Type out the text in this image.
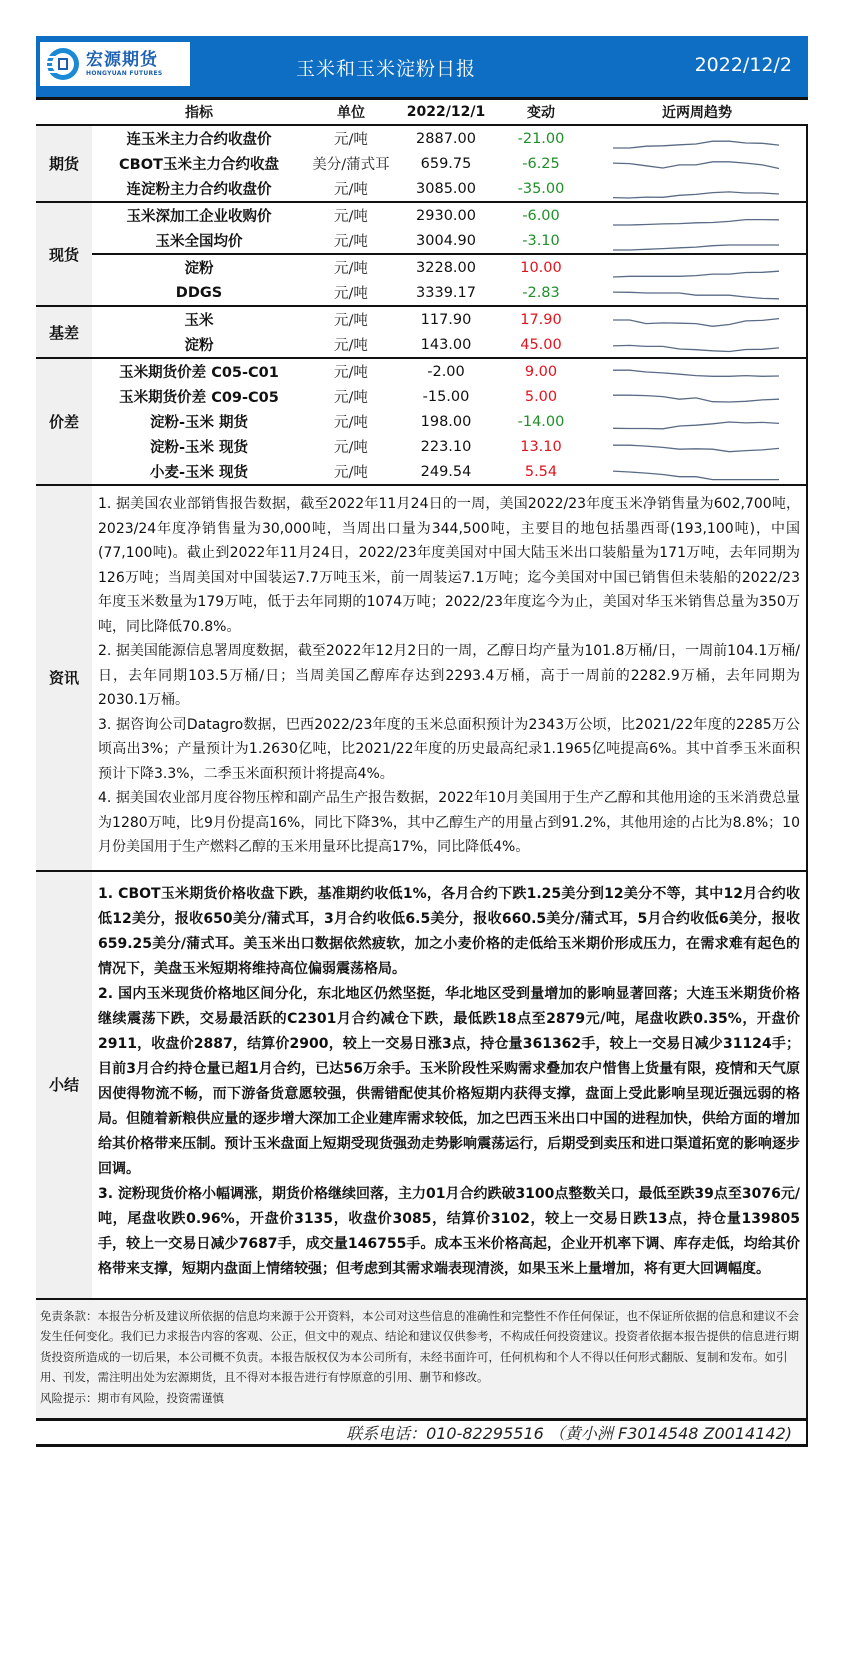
宏源期货
HONGYUAN FUTURES	玉米和玉米淀粉日报	2022/12/2
指标	单位	2022/12/1	变动	近两周趋势
期货
连玉米主力合约收盘价	元/吨	2887.00	-21.00
CBOT玉米主力合约收盘	美分/蒲式耳	659.75	-6.25
连淀粉主力合约收盘价	元/吨	3085.00	-35.00
现货
玉米深加工企业收购价	元/吨	2930.00	-6.00
玉米全国均价	元/吨	3004.90	-3.10
淀粉	元/吨	3228.00	10.00
DDGS	元/吨	3339.17	-2.83
基差
玉米	元/吨	117.90	17.90
淀粉	元/吨	143.00	45.00
价差
玉米期货价差 C05-C01	元/吨	-2.00	9.00
玉米期货价差 C09-C05	元/吨	-15.00	5.00
淀粉-玉米 期货	元/吨	198.00	-14.00
淀粉-玉米 现货	元/吨	223.10	13.10
小麦-玉米 现货	元/吨	249.54	5.54
资讯

1. 据美国农业部销售报告数据，截至2022年11月24日的一周，美国2022/23年度玉米净销售量为602,700吨，2023/24年度净销售量为30,000吨，当周出口量为344,500吨，主要目的地包括墨西哥(193,100吨)，中国(77,100吨)。截止到2022年11月24日，2022/23年度美国对中国大陆玉米出口装船量为171万吨，去年同期为126万吨；当周美国对中国装运7.7万吨玉米，前一周装运7.1万吨；迄今美国对中国已销售但未装船的2022/23年度玉米数量为179万吨，低于去年同期的1074万吨；2022/23年度迄今为止，美国对华玉米销售总量为350万吨，同比降低70.8%。

2. 据美国能源信息署周度数据，截至2022年12月2日的一周，乙醇日均产量为101.8万桶/日，一周前104.1万桶/日，去年同期103.5万桶/日；当周美国乙醇库存达到2293.4万桶，高于一周前的2282.9万桶，去年同期为2030.1万桶。

3. 据咨询公司Datagro数据，巴西2022/23年度的玉米总面积预计为2343万公顷，比2021/22年度的2285万公顷高出3%；产量预计为1.2630亿吨，比2021/22年度的历史最高纪录1.1965亿吨提高6%。其中首季玉米面积预计下降3.3%，二季玉米面积预计将提高4%。

4. 据美国农业部月度谷物压榨和副产品生产报告数据，2022年10月美国用于生产乙醇和其他用途的玉米消费总量为1280万吨，比9月份提高16%，同比下降3%，其中乙醇生产的用量占到91.2%，其他用途的占比为8.8%；10月份美国用于生产燃料乙醇的玉米用量环比提高17%，同比降低4%。

小结

1. CBOT玉米期货价格收盘下跌，基准期约收低1%，各月合约下跌1.25美分到12美分不等，其中12月合约收低12美分，报收650美分/蒲式耳，3月合约收低6.5美分，报收660.5美分/蒲式耳，5月合约收低6美分，报收659.25美分/蒲式耳。美玉米出口数据依然疲软，加之小麦价格的走低给玉米期价形成压力，在需求难有起色的情况下，美盘玉米短期将维持高位偏弱震荡格局。

2. 国内玉米现货价格地区间分化，东北地区仍然坚挺，华北地区受到量增加的影响显著回落；大连玉米期货价格继续震荡下跌，交易最活跃的C2301月合约减仓下跌，最低跌18点至2879元/吨，尾盘收跌0.35%，开盘价2911，收盘价2887，结算价2900，较上一交易日涨3点，持仓量361362手，较上一交易日减少31124手；目前3月合约持仓量已超1月合约，已达56万余手。玉米阶段性采购需求叠加农户惜售上货量有限，疫情和天气原因使得物流不畅，而下游备货意愿较强，供需错配使其价格短期内获得支撑，盘面上受此影响呈现近强远弱的格局。但随着新粮供应量的逐步增大深加工企业建库需求较低，加之巴西玉米出口中国的进程加快，供给方面的增加给其价格带来压制。预计玉米盘面上短期受现货强劲走势影响震荡运行，后期受到卖压和进口渠道拓宽的影响逐步回调。

3. 淀粉现货价格小幅调涨，期货价格继续回落，主力01月合约跌破3100点整数关口，最低至跌39点至3076元/吨，尾盘收跌0.96%，开盘价3135，收盘价3085，结算价3102，较上一交易日跌13点，持仓量139805手，较上一交易日减少7687手，成交量146755手。成本玉米价格高起，企业开机率下调、库存走低，均给其价格带来支撑，短期内盘面上情绪较强；但考虑到其需求端表现清淡，如果玉米上量增加，将有更大回调幅度。

免责条款：本报告分析及建议所依据的信息均来源于公开资料，本公司对这些信息的准确性和完整性不作任何保证，也不保证所依据的信息和建议不会发生任何变化。我们已力求报告内容的客观、公正，但文中的观点、结论和建议仅供参考，不构成任何投资建议。投资者依据本报告提供的信息进行期货投资所造成的一切后果，本公司概不负责。本报告版权仅为本公司所有，未经书面许可，任何机构和个人不得以任何形式翻版、复制和发布。如引用、刊发，需注明出处为宏源期货，且不得对本报告进行有悖原意的引用、删节和修改。
风险提示：期市有风险，投资需谨慎
联系电话：010-82295516 （黄小洲 F3014548 Z0014142)
